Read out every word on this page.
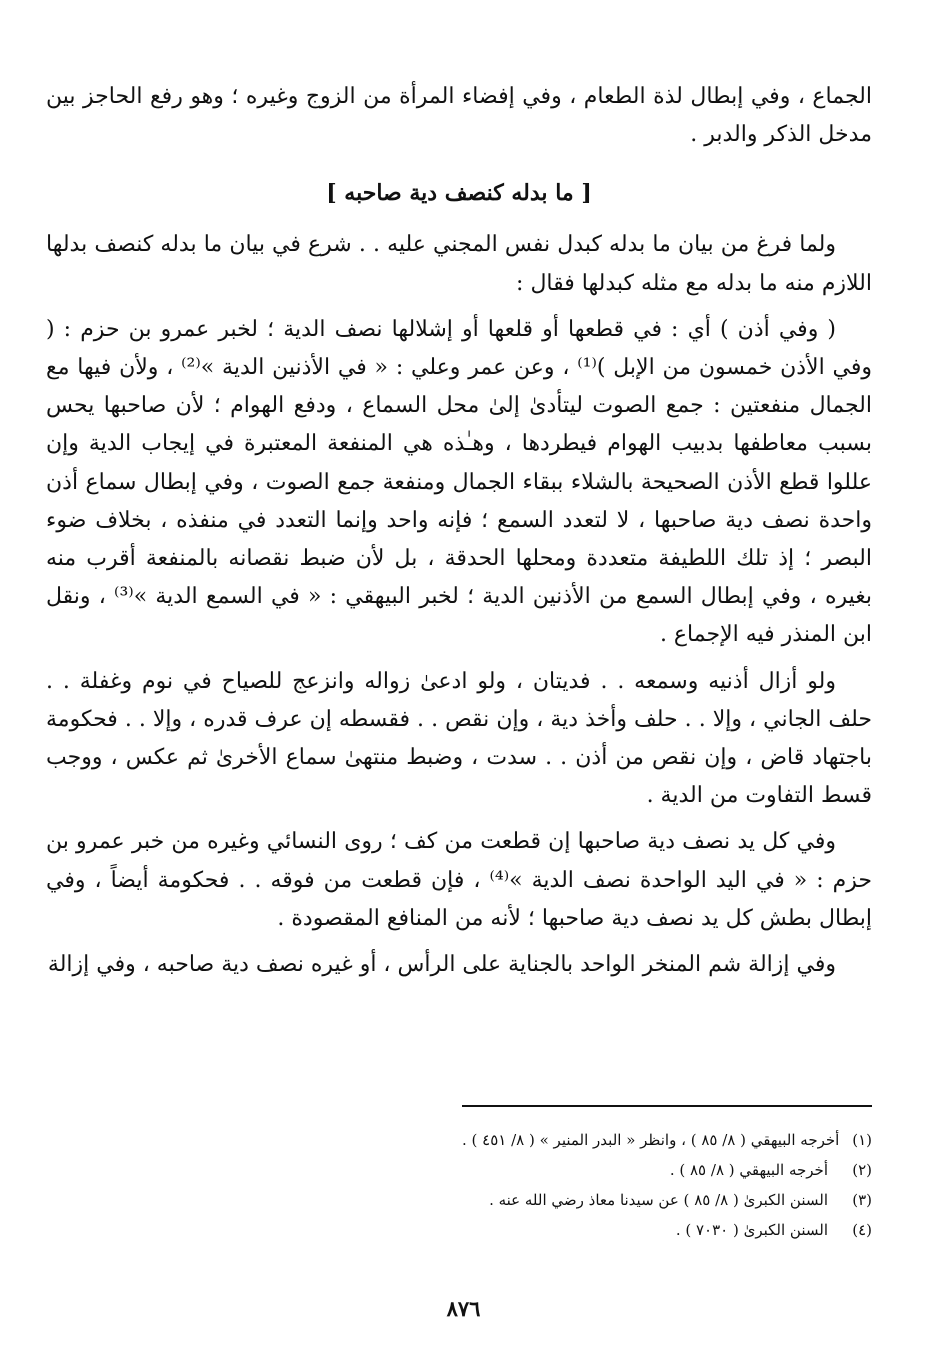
الجماع ، وفي إبطال لذة الطعام ، وفي إفضاء المرأة من الزوج وغيره ؛ وهو رفع الحاجز بين مدخل الذكر والدبر .

[ ما بدله كنصف دية صاحبه ]

ولما فرغ من بيان ما بدله كبدل نفس المجني عليه . . شرع في بيان ما بدله كنصف بدلها اللازم منه ما بدله مع مثله كبدلها فقال :

( وفي أذن ) أي : في قطعها أو قلعها أو إشلالها نصف الدية ؛ لخبر عمرو بن حزم : ( وفي الأذن خمسون من الإبل )⁽¹⁾ ، وعن عمر وعلي : « في الأذنين الدية »⁽²⁾ ، ولأن فيها مع الجمال منفعتين : جمع الصوت ليتأدىٰ إلىٰ محل السماع ، ودفع الهوام ؛ لأن صاحبها يحس بسبب معاطفها بدبيب الهوام فيطردها ، وهـٰذه هي المنفعة المعتبرة في إيجاب الدية وإن عللوا قطع الأذن الصحيحة بالشلاء ببقاء الجمال ومنفعة جمع الصوت ، وفي إبطال سماع أذن واحدة نصف دية صاحبها ، لا لتعدد السمع ؛ فإنه واحد وإنما التعدد في منفذه ، بخلاف ضوء البصر ؛ إذ تلك اللطيفة متعددة ومحلها الحدقة ، بل لأن ضبط نقصانه بالمنفعة أقرب منه بغيره ، وفي إبطال السمع من الأذنين الدية ؛ لخبر البيهقي : « في السمع الدية »⁽³⁾ ، ونقل ابن المنذر فيه الإجماع .

ولو أزال أذنيه وسمعه . . فديتان ، ولو ادعىٰ زواله وانزعج للصياح في نوم وغفلة . . حلف الجاني ، وإلا . . حلف وأخذ دية ، وإن نقص . . فقسطه إن عرف قدره ، وإلا . . فحكومة باجتهاد قاض ، وإن نقص من أذن . . سدت ، وضبط منتهىٰ سماع الأخرىٰ ثم عكس ، ووجب قسط التفاوت من الدية .

وفي كل يد نصف دية صاحبها إن قطعت من كف ؛ روى النسائي وغيره من خبر عمرو بن حزم : « في اليد الواحدة نصف الدية »⁽⁴⁾ ، فإن قطعت من فوقه . . فحكومة أيضاً ، وفي إبطال بطش كل يد نصف دية صاحبها ؛ لأنه من المنافع المقصودة .

وفي إزالة شم المنخر الواحد بالجناية على الرأس ، أو غيره نصف دية صاحبه ، وفي إزالة

(١)
أخرجه البيهقي ( ٨/ ٨٥ ) ، وانظر « البدر المنير » ( ٨/ ٤٥١ ) .
(٢)
أخرجه البيهقي ( ٨/ ٨٥ ) .
(٣)
السنن الكبرىٰ ( ٨/ ٨٥ ) عن سيدنا معاذ رضي الله عنه .
(٤)
السنن الكبرىٰ ( ٧٠٣٠ ) .
٨٧٦
